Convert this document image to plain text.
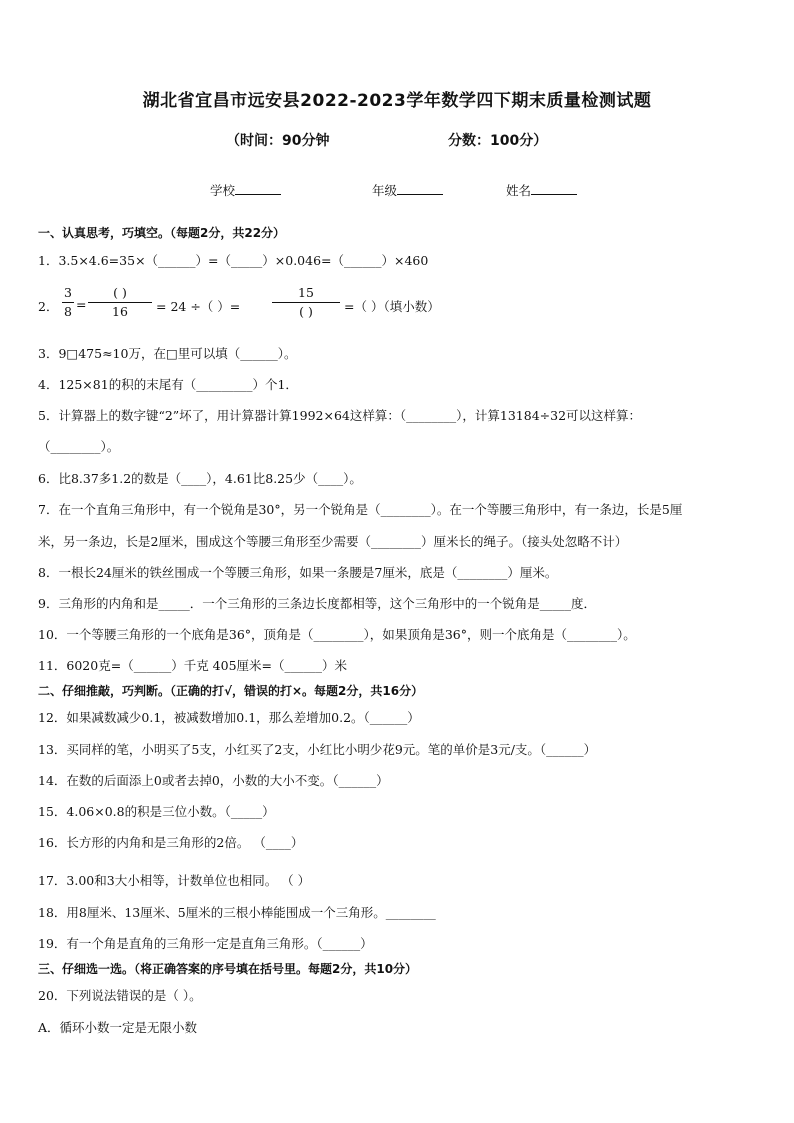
湖北省宜昌市远安县2022-2023学年数学四下期末质量检测试题
（时间：90分钟	分数：100分）
学校	年级	姓名
一、认真思考，巧填空。（每题2分，共22分）
1．3.5×4.6=35×（______）=（_____）×0.046=（______）×460
2．
3
8 =
( )
16	= 24 ÷（ ）=
15
( )	=（ ）（填小数）
3．9□475≈10万，在□里可以填（______）。
4．125×81的积的末尾有（_________）个1．
5．计算器上的数字键“2”坏了，用计算器计算1992×64这样算：（________），计算13184÷32可以这样算：
（________）。
6．比8.37多1.2的数是（____），4.61比8.25少（____）。
7．在一个直角三角形中，有一个锐角是30°，另一个锐角是（________）。在一个等腰三角形中，有一条边，长是5厘
米，另一条边，长是2厘米，围成这个等腰三角形至少需要（________）厘米长的绳子。（接头处忽略不计）
8．一根长24厘米的铁丝围成一个等腰三角形，如果一条腰是7厘米，底是（________）厘米。
9．三角形的内角和是_____．一个三角形的三条边长度都相等，这个三角形中的一个锐角是_____度．
10．一个等腰三角形的一个底角是36°，顶角是（________），如果顶角是36°，则一个底角是（________）。
11．6020克=（______）千克 405厘米=（______）米
二、仔细推敲，巧判断。（正确的打√，错误的打×。每题2分，共16分）
12．如果减数减少0.1，被减数增加0.1，那么差增加0.2。（______）
13．买同样的笔，小明买了5支，小红买了2支，小红比小明少花9元。笔的单价是3元/支。（______）
14．在数的后面添上0或者去掉0，小数的大小不变。（______）
15．4.06×0.8的积是三位小数。（_____）
16．长方形的内角和是三角形的2倍。 （____）
17．3.00和3大小相等，计数单位也相同。 （ ）
18．用8厘米、13厘米、5厘米的三根小棒能围成一个三角形。________
19．有一个角是直角的三角形一定是直角三角形。（______）
三、仔细选一选。（将正确答案的序号填在括号里。每题2分，共10分）
20．下列说法错误的是（ ）。
A．循环小数一定是无限小数
